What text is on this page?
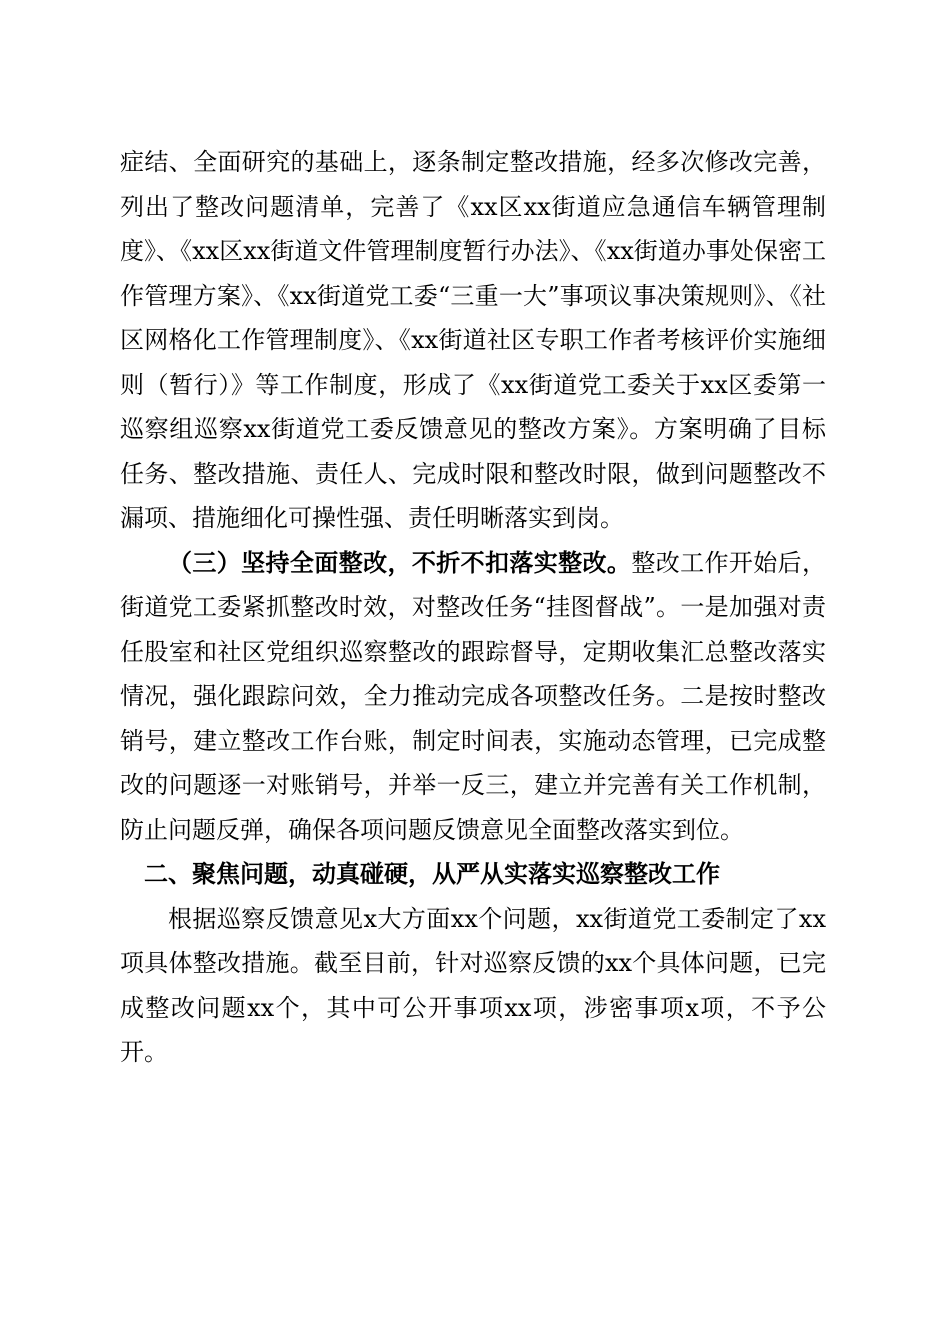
症结、全面研究的基础上，逐条制定整改措施，经多次修改完善，列出了整改问题清单，完善了《xx区xx街道应急通信车辆管理制度》、《xx区xx街道文件管理制度暂行办法》、《xx街道办事处保密工作管理方案》、《xx街道党工委“三重一大”事项议事决策规则》、《社区网格化工作管理制度》、《xx街道社区专职工作者考核评价实施细则（暂行）》等工作制度，形成了《xx街道党工委关于xx区委第一巡察组巡察xx街道党工委反馈意见的整改方案》。方案明确了目标任务、整改措施、责任人、完成时限和整改时限，做到问题整改不漏项、措施细化可操性强、责任明晰落实到岗。

（三）坚持全面整改，不折不扣落实整改。整改工作开始后，街道党工委紧抓整改时效，对整改任务“挂图督战”。一是加强对责任股室和社区党组织巡察整改的跟踪督导，定期收集汇总整改落实情况，强化跟踪问效，全力推动完成各项整改任务。二是按时整改销号，建立整改工作台账，制定时间表，实施动态管理，已完成整改的问题逐一对账销号，并举一反三，建立并完善有关工作机制，防止问题反弹，确保各项问题反馈意见全面整改落实到位。

二、聚焦问题，动真碰硬，从严从实落实巡察整改工作

根据巡察反馈意见x大方面xx个问题，xx街道党工委制定了xx项具体整改措施。截至目前，针对巡察反馈的xx个具体问题，已完成整改问题xx个，其中可公开事项xx项，涉密事项x项，不予公开。
